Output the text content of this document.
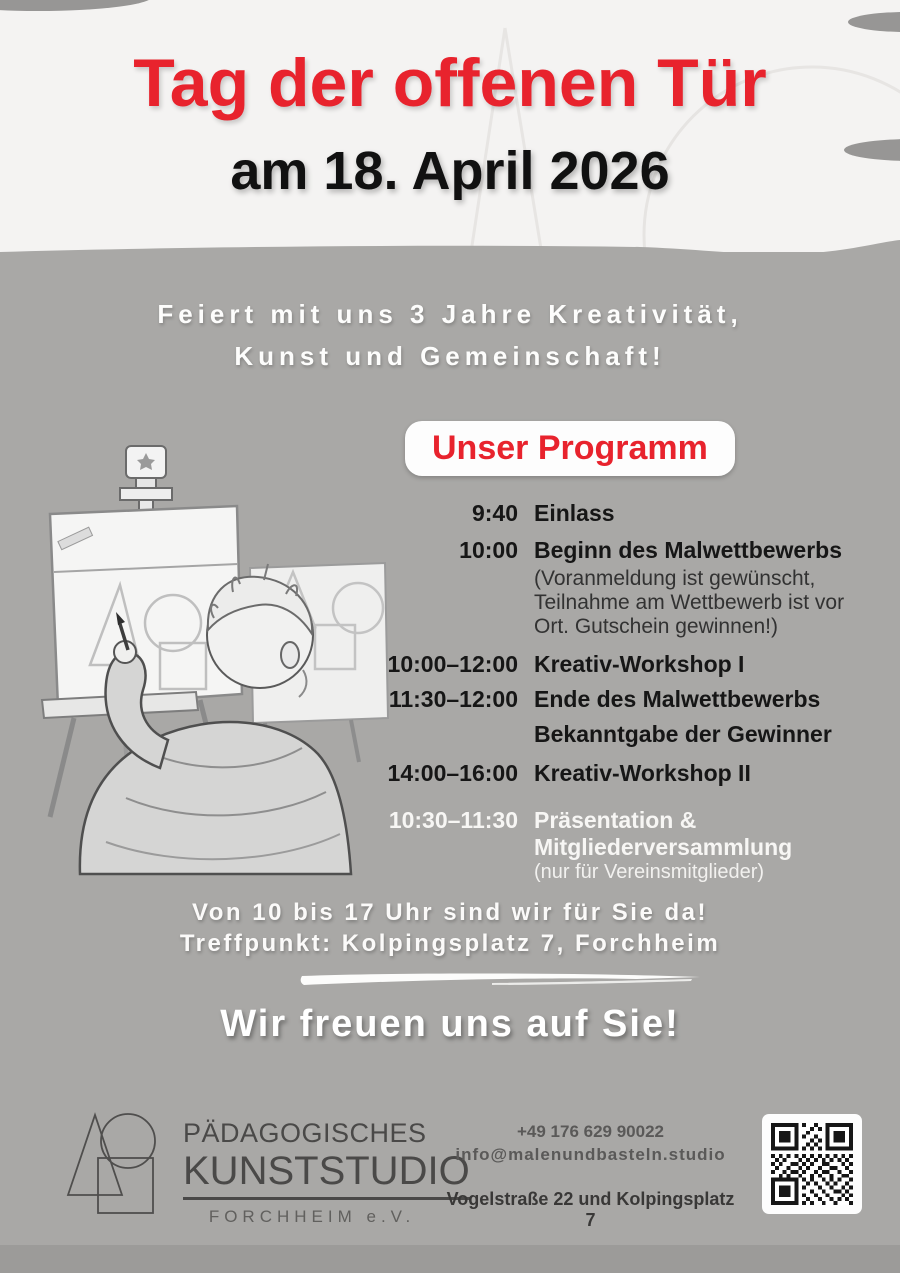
Tag der offenen Tür
am 18. April 2026
Feiert mit uns 3 Jahre Kreativität,
Kunst und Gemeinschaft!
Unser Programm
9:40 Einlass
10:00 Beginn des Malwettbewerbs
(Voranmeldung ist gewünscht,
Teilnahme am Wettbewerb ist vor
Ort. Gutschein gewinnen!)
10:00–12:00 Kreativ-Workshop I
11:30–12:00 Ende des Malwettbewerbs
Bekanntgabe der Gewinner
14:00–16:00 Kreativ-Workshop II
10:30–11:30 Präsentation &
Mitgliederversammlung
(nur für Vereinsmitglieder)
Von 10 bis 17 Uhr sind wir für Sie da!
Treffpunkt: Kolpingsplatz 7, Forchheim
Wir freuen uns auf Sie!
PÄDAGOGISCHES
KUNSTSTUDIO
FORCHHEIM e.V.
+49 176 629 90022
info@malenundbasteln.studio
Vogelstraße 22 und Kolpingsplatz 7
